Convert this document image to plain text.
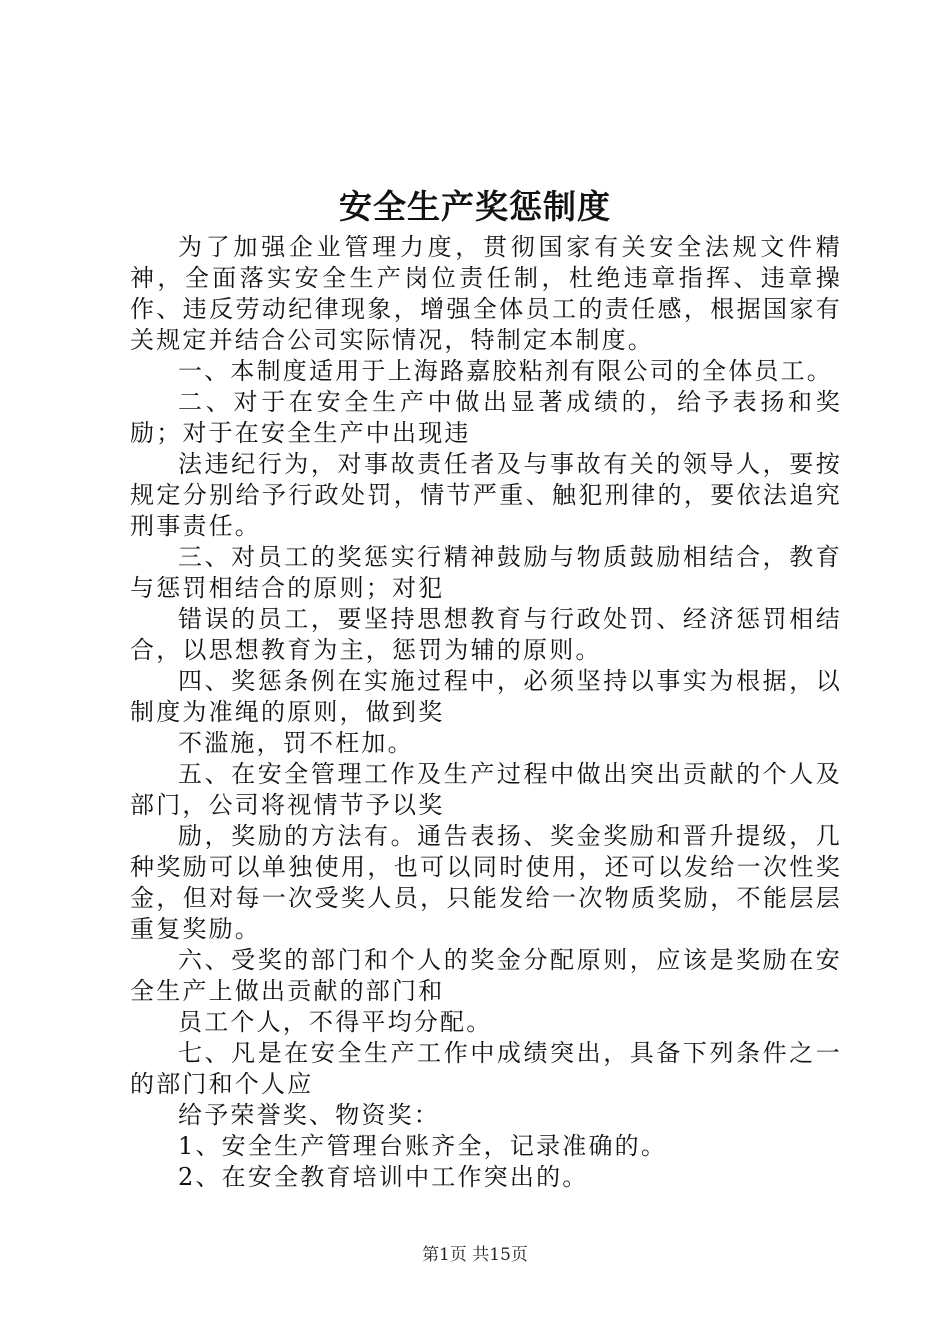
安全生产奖惩制度

为了加强企业管理力度，贯彻国家有关安全法规文件精神，全面落实安全生产岗位责任制，杜绝违章指挥、违章操作、违反劳动纪律现象，增强全体员工的责任感，根据国家有关规定并结合公司实际情况，特制定本制度。

一、本制度适用于上海路嘉胶粘剂有限公司的全体员工。

二、对于在安全生产中做出显著成绩的，给予表扬和奖励；对于在安全生产中出现违

法违纪行为，对事故责任者及与事故有关的领导人，要按规定分别给予行政处罚，情节严重、触犯刑律的，要依法追究刑事责任。

三、对员工的奖惩实行精神鼓励与物质鼓励相结合，教育与惩罚相结合的原则；对犯

错误的员工，要坚持思想教育与行政处罚、经济惩罚相结合，以思想教育为主，惩罚为辅的原则。

四、奖惩条例在实施过程中，必须坚持以事实为根据，以制度为准绳的原则，做到奖

不滥施，罚不枉加。

五、在安全管理工作及生产过程中做出突出贡献的个人及部门，公司将视情节予以奖

励，奖励的方法有。通告表扬、奖金奖励和晋升提级，几种奖励可以单独使用，也可以同时使用，还可以发给一次性奖金，但对每一次受奖人员，只能发给一次物质奖励，不能层层重复奖励。

六、受奖的部门和个人的奖金分配原则，应该是奖励在安全生产上做出贡献的部门和

员工个人，不得平均分配。

七、凡是在安全生产工作中成绩突出，具备下列条件之一的部门和个人应

给予荣誉奖、物资奖：

1、安全生产管理台账齐全，记录准确的。

2、在安全教育培训中工作突出的。

第1页 共15页
